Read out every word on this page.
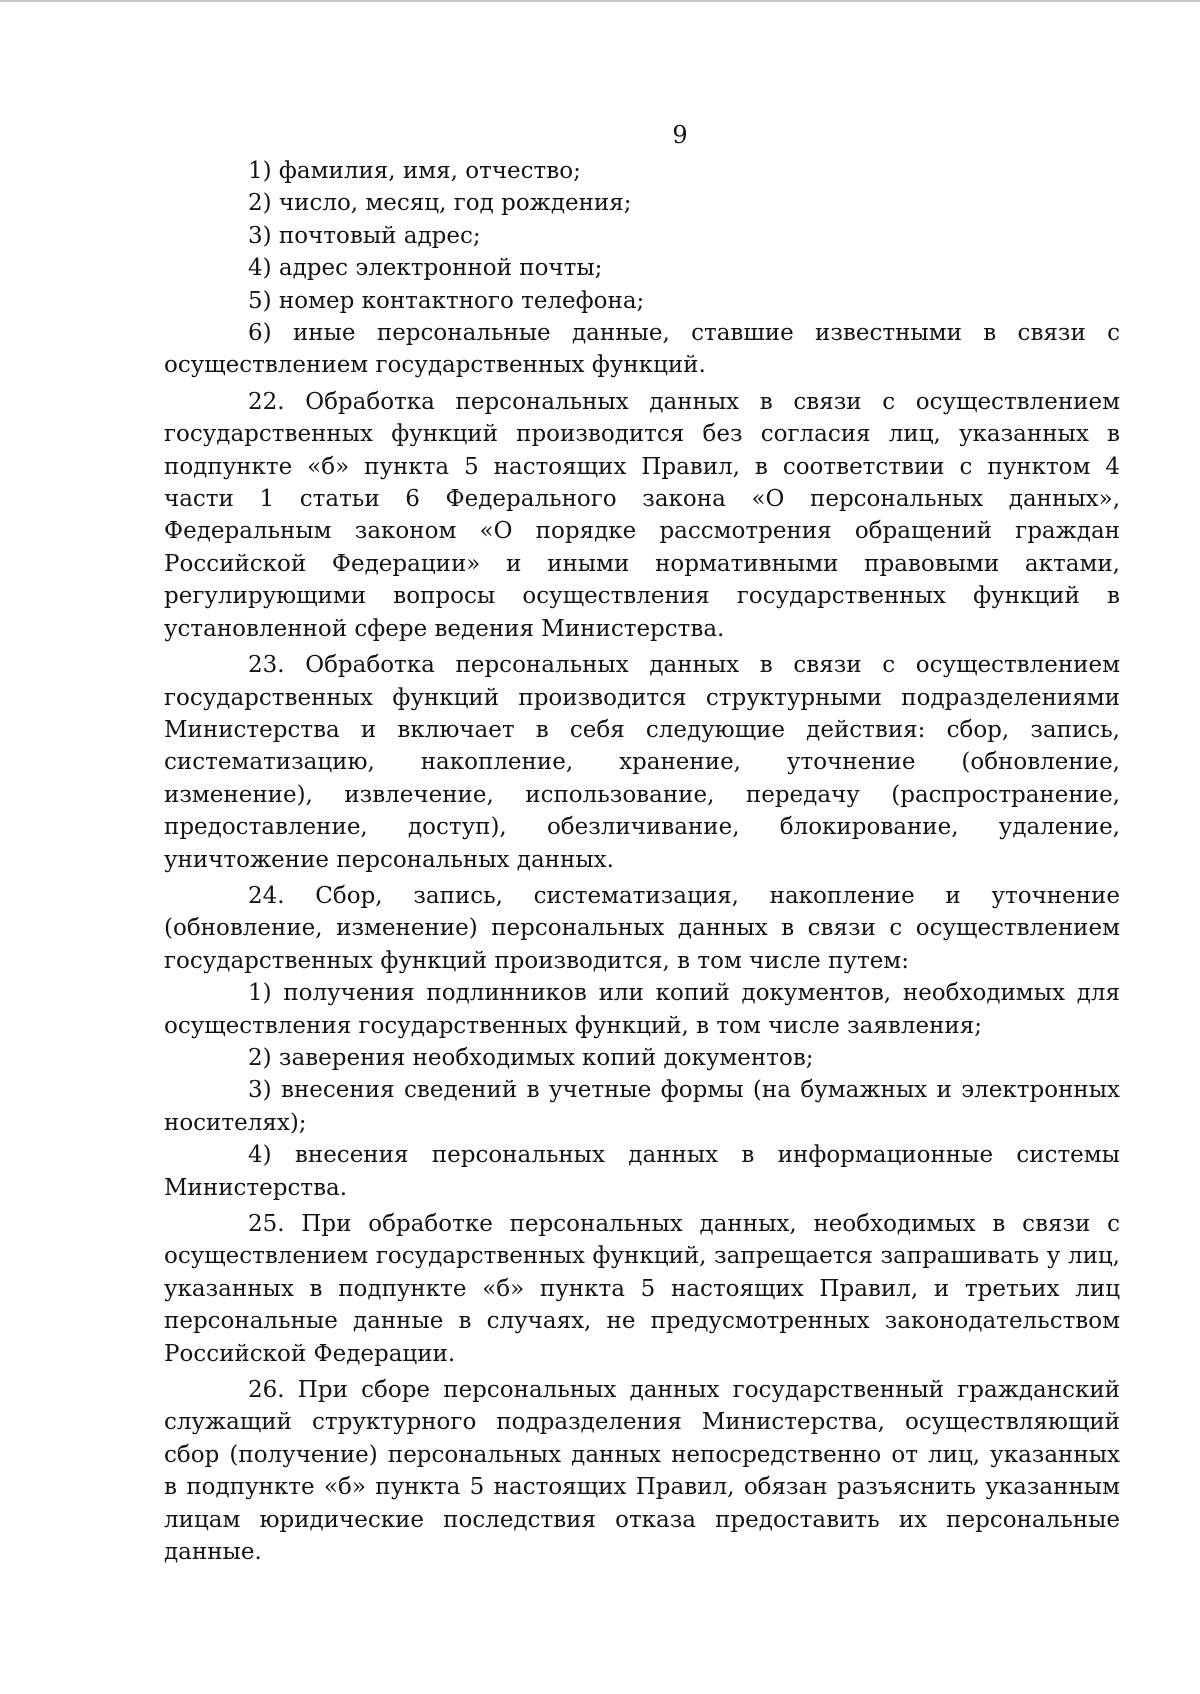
9

1) фамилия, имя, отчество;

2) число, месяц, год рождения;

3) почтовый адрес;

4) адрес электронной почты;

5) номер контактного телефона;

6) иные персональные данные, ставшие известными в связи с осуществлением государственных функций.

22. Обработка персональных данных в связи с осуществлением государственных функций производится без согласия лиц, указанных в подпункте «б» пункта 5 настоящих Правил, в соответствии с пунктом 4 части 1 статьи 6 Федерального закона «О персональных данных», Федеральным законом «О порядке рассмотрения обращений граждан Российской Федерации» и иными нормативными правовыми актами, регулирующими вопросы осуществления государственных функций в установленной сфере ведения Министерства.

23. Обработка персональных данных в связи с осуществлением государственных функций производится структурными подразделениями Министерства и включает в себя следующие действия: сбор, запись, систематизацию, накопление, хранение, уточнение (обновление, изменение), извлечение, использование, передачу (распространение, предоставление, доступ), обезличивание, блокирование, удаление, уничтожение персональных данных.

24. Сбор, запись, систематизация, накопление и уточнение (обновление, изменение) персональных данных в связи с осуществлением государственных функций производится, в том числе путем:

1) получения подлинников или копий документов, необходимых для осуществления государственных функций, в том числе заявления;

2) заверения необходимых копий документов;

3) внесения сведений в учетные формы (на бумажных и электронных носителях);

4) внесения персональных данных в информационные системы Министерства.

25. При обработке персональных данных, необходимых в связи с осуществлением государственных функций, запрещается запрашивать у лиц, указанных в подпункте «б» пункта 5 настоящих Правил, и третьих лиц персональные данные в случаях, не предусмотренных законодательством Российской Федерации.

26. При сборе персональных данных государственный гражданский служащий структурного подразделения Министерства, осуществляющий сбор (получение) персональных данных непосредственно от лиц, указанных в подпункте «б» пункта 5 настоящих Правил, обязан разъяснить указанным лицам юридические последствия отказа предоставить их персональные данные.
